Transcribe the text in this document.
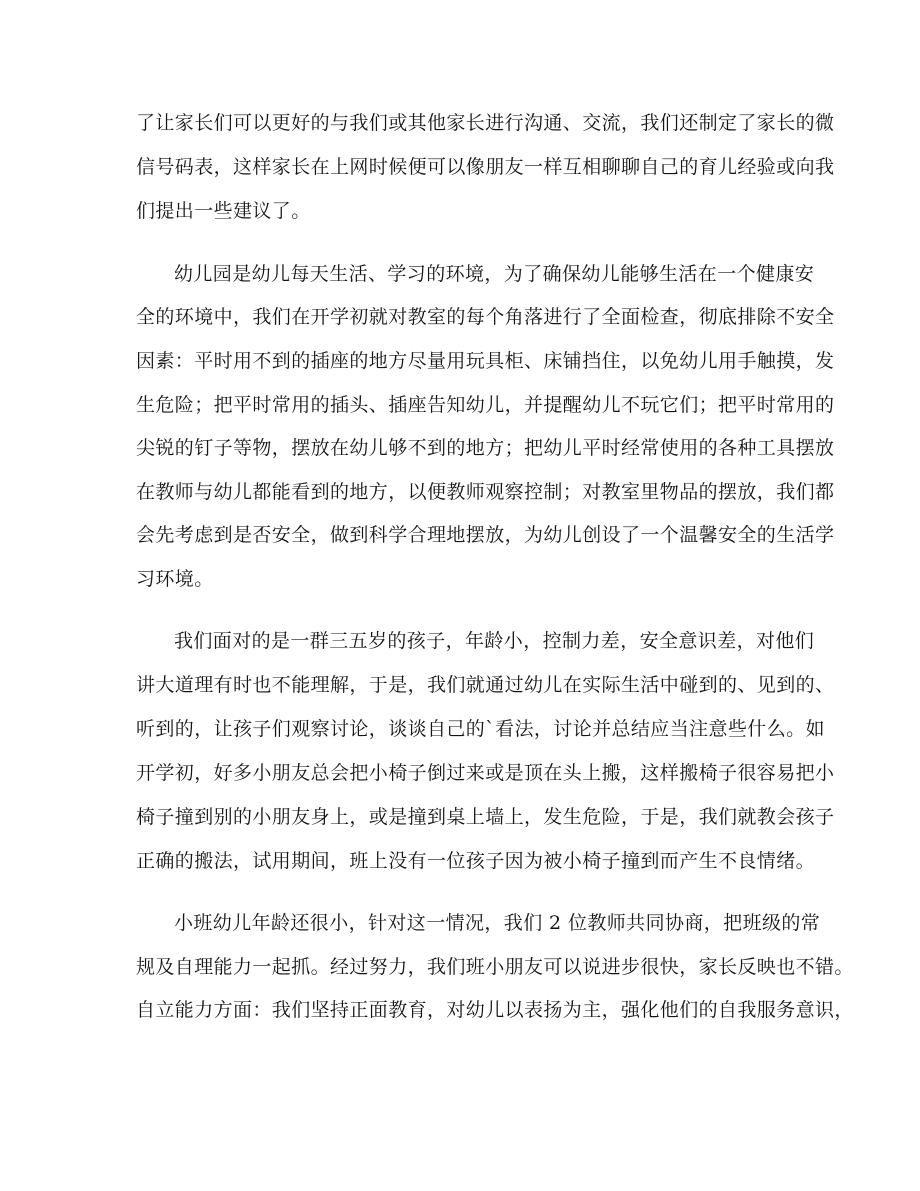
了让家长们可以更好的与我们或其他家长进行沟通、交流，我们还制定了家长的微
信号码表，这样家长在上网时候便可以像朋友一样互相聊聊自己的育儿经验或向我
们提出一些建议了。
幼儿园是幼儿每天生活、学习的环境，为了确保幼儿能够生活在一个健康安
全的环境中，我们在开学初就对教室的每个角落进行了全面检查，彻底排除不安全
因素：平时用不到的插座的地方尽量用玩具柜、床铺挡住，以免幼儿用手触摸，发
生危险；把平时常用的插头、插座告知幼儿，并提醒幼儿不玩它们；把平时常用的
尖锐的钉子等物，摆放在幼儿够不到的地方；把幼儿平时经常使用的各种工具摆放
在教师与幼儿都能看到的地方，以便教师观察控制；对教室里物品的摆放，我们都
会先考虑到是否安全，做到科学合理地摆放，为幼儿创设了一个温馨安全的生活学
习环境。
我们面对的是一群三五岁的孩子，年龄小，控制力差，安全意识差，对他们
讲大道理有时也不能理解，于是，我们就通过幼儿在实际生活中碰到的、见到的、
听到的，让孩子们观察讨论，谈谈自己的`看法，讨论并总结应当注意些什么。如
开学初，好多小朋友总会把小椅子倒过来或是顶在头上搬，这样搬椅子很容易把小
椅子撞到别的小朋友身上，或是撞到桌上墙上，发生危险，于是，我们就教会孩子
正确的搬法，试用期间，班上没有一位孩子因为被小椅子撞到而产生不良情绪。
小班幼儿年龄还很小，针对这一情况，我们 2 位教师共同协商，把班级的常
规及自理能力一起抓。经过努力，我们班小朋友可以说进步很快，家长反映也不错。
自立能力方面：我们坚持正面教育，对幼儿以表扬为主，强化他们的自我服务意识，
